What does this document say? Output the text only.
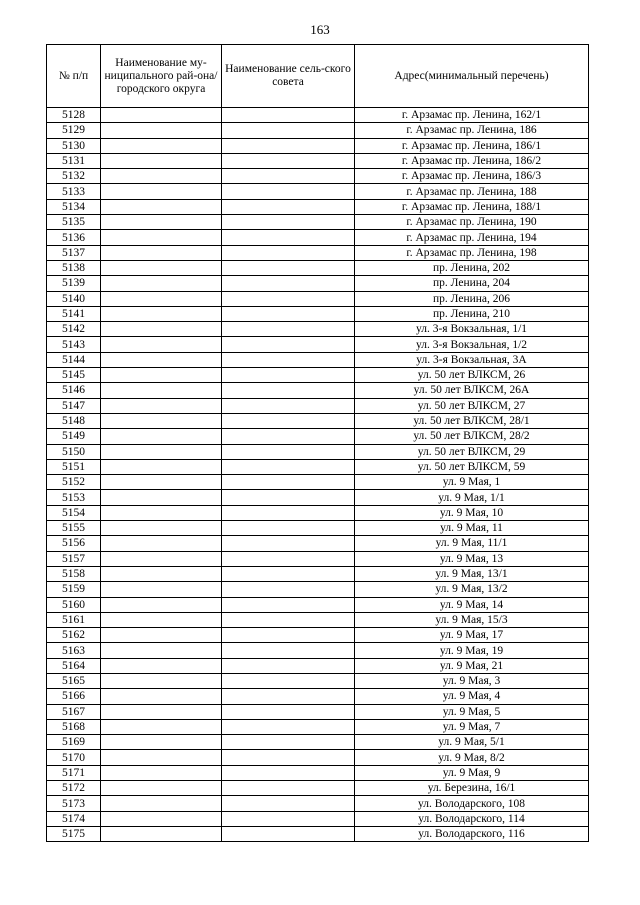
163
№ п/п	Наименование му-ниципального рай-она/ городского округа	Наименование сель-ского совета	Адрес(минимальный перечень)
5128			г. Арзамас пр. Ленина, 162/1
5129			г. Арзамас пр. Ленина, 186
5130			г. Арзамас пр. Ленина, 186/1
5131			г. Арзамас пр. Ленина, 186/2
5132			г. Арзамас пр. Ленина, 186/3
5133			г. Арзамас пр. Ленина, 188
5134			г. Арзамас пр. Ленина, 188/1
5135			г. Арзамас пр. Ленина, 190
5136			г. Арзамас пр. Ленина, 194
5137			г. Арзамас пр. Ленина, 198
5138			пр. Ленина, 202
5139			пр. Ленина, 204
5140			пр. Ленина, 206
5141			пр. Ленина, 210
5142			ул. 3-я Вокзальная, 1/1
5143			ул. 3-я Вокзальная, 1/2
5144			ул. 3-я Вокзальная, 3А
5145			ул. 50 лет ВЛКСМ, 26
5146			ул. 50 лет ВЛКСМ, 26А
5147			ул. 50 лет ВЛКСМ, 27
5148			ул. 50 лет ВЛКСМ, 28/1
5149			ул. 50 лет ВЛКСМ, 28/2
5150			ул. 50 лет ВЛКСМ, 29
5151			ул. 50 лет ВЛКСМ, 59
5152			ул. 9 Мая, 1
5153			ул. 9 Мая, 1/1
5154			ул. 9 Мая, 10
5155			ул. 9 Мая, 11
5156			ул. 9 Мая, 11/1
5157			ул. 9 Мая, 13
5158			ул. 9 Мая, 13/1
5159			ул. 9 Мая, 13/2
5160			ул. 9 Мая, 14
5161			ул. 9 Мая, 15/3
5162			ул. 9 Мая, 17
5163			ул. 9 Мая, 19
5164			ул. 9 Мая, 21
5165			ул. 9 Мая, 3
5166			ул. 9 Мая, 4
5167			ул. 9 Мая, 5
5168			ул. 9 Мая, 7
5169			ул. 9 Мая, 5/1
5170			ул. 9 Мая, 8/2
5171			ул. 9 Мая, 9
5172			ул. Березина, 16/1
5173			ул. Володарского, 108
5174			ул. Володарского, 114
5175			ул. Володарского, 116
